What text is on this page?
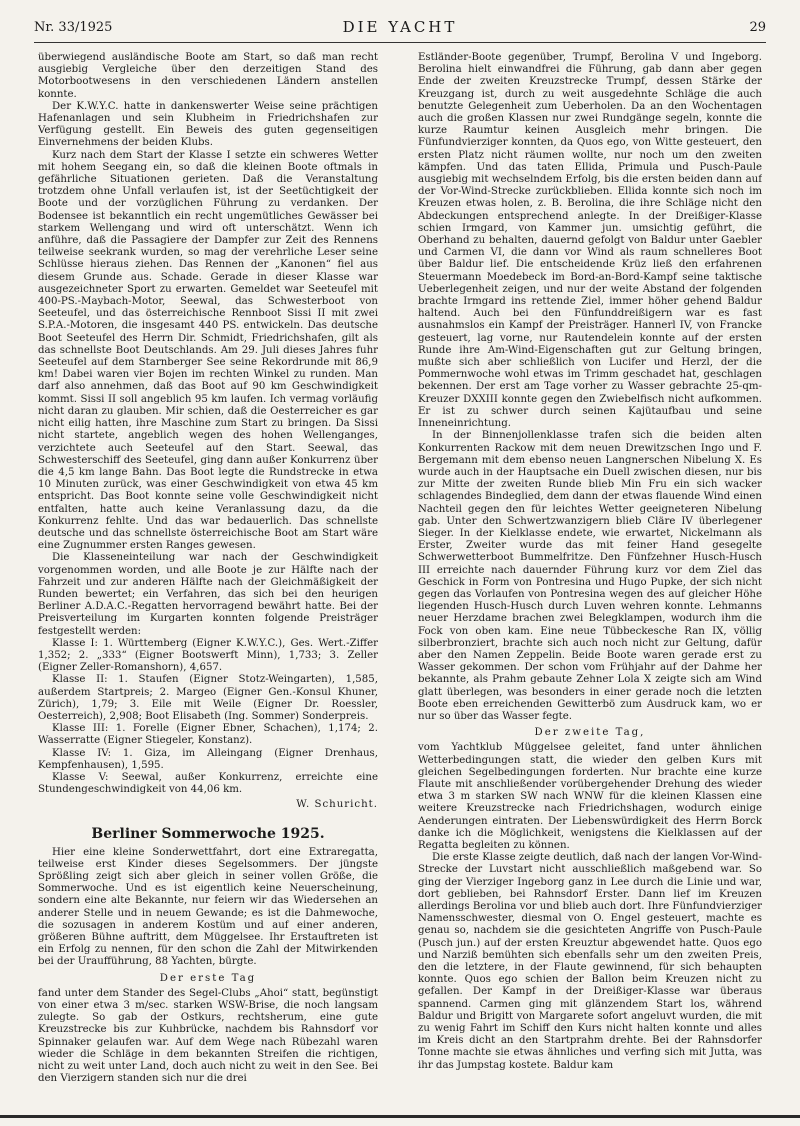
Nr. 33/1925	DIE YACHT	29

überwiegend ausländische Boote am Start, so daß man recht ausgiebig Vergleiche über den derzeitigen Stand des Motorbootwesens in den verschiedenen Ländern anstellen konnte.

Der K.W.Y.C. hatte in dankenswerter Weise seine prächtigen Hafenanlagen und sein Klubheim in Friedrichshafen zur Verfügung gestellt. Ein Beweis des guten gegenseitigen Einvernehmens der beiden Klubs.

Kurz nach dem Start der Klasse I setzte ein schweres Wetter mit hohem Seegang ein, so daß die kleinen Boote oftmals in gefährliche Situationen gerieten. Daß die Veranstaltung trotzdem ohne Unfall verlaufen ist, ist der Seetüchtigkeit der Boote und der vorzüglichen Führung zu verdanken. Der Bodensee ist bekanntlich ein recht ungemütliches Gewässer bei starkem Wellengang und wird oft unterschätzt. Wenn ich anführe, daß die Passagiere der Dampfer zur Zeit des Rennens teilweise seekrank wurden, so mag der verehrliche Leser seine Schlüsse hieraus ziehen. Das Rennen der „Kanonen“ fiel aus diesem Grunde aus. Schade. Gerade in dieser Klasse war ausgezeichneter Sport zu erwarten. Gemeldet war Seeteufel mit 400-PS.-Maybach-Motor, Seewal, das Schwesterboot von Seeteufel, und das österreichische Rennboot Sissi II mit zwei S.P.A.-Motoren, die insgesamt 440 PS. entwickeln. Das deutsche Boot Seeteufel des Herrn Dir. Schmidt, Friedrichshafen, gilt als das schnellste Boot Deutschlands. Am 29. Juli dieses Jahres fuhr Seeteufel auf dem Starnberger See seine Rekordrunde mit 86,9 km! Dabei waren vier Bojen im rechten Winkel zu runden. Man darf also annehmen, daß das Boot auf 90 km Geschwindigkeit kommt. Sissi II soll angeblich 95 km laufen. Ich vermag vorläufig nicht daran zu glauben. Mir schien, daß die Oesterreicher es gar nicht eilig hatten, ihre Maschine zum Start zu bringen. Da Sissi nicht startete, angeblich wegen des hohen Wellenganges, verzichtete auch Seeteufel auf den Start. Seewal, das Schwesterschiff des Seeteufel, ging dann außer Konkurrenz über die 4,5 km lange Bahn. Das Boot legte die Rundstrecke in etwa 10 Minuten zurück, was einer Geschwindigkeit von etwa 45 km entspricht. Das Boot konnte seine volle Geschwindigkeit nicht entfalten, hatte auch keine Veranlassung dazu, da die Konkurrenz fehlte. Und das war bedauerlich. Das schnellste deutsche und das schnellste österreichische Boot am Start wäre eine Zugnummer ersten Ranges gewesen.

Die Klasseneinteilung war nach der Geschwindigkeit vorgenommen worden, und alle Boote je zur Hälfte nach der Fahrzeit und zur anderen Hälfte nach der Gleichmäßigkeit der Runden bewertet; ein Verfahren, das sich bei den heurigen Berliner A.D.A.C.-Regatten hervorragend bewährt hatte. Bei der Preisverteilung im Kurgarten konnten folgende Preisträger festgestellt werden:

Klasse I: 1. Württemberg (Eigner K.W.Y.C.), Ges. Wert.-Ziffer 1,352; 2. „333“ (Eigner Bootswerft Minn), 1,733; 3. Zeller (Eigner Zeller-Romanshorn), 4,657.

Klasse II: 1. Staufen (Eigner Stotz-Weingarten), 1,585, außerdem Startpreis; 2. Margeo (Eigner Gen.-Konsul Khuner, Zürich), 1,79; 3. Eile mit Weile (Eigner Dr. Roessler, Oesterreich), 2,908; Boot Elisabeth (Ing. Sommer) Sonderpreis.

Klasse III: 1. Forelle (Eigner Ebner, Schachen), 1,174; 2. Wasserratte (Eigner Stiegeler, Konstanz).

Klasse IV: 1. Giza, im Alleingang (Eigner Drenhaus, Kempfenhausen), 1,595.

Klasse V: Seewal, außer Konkurrenz, erreichte eine Stundengeschwindigkeit von 44,06 km.

W. Schuricht.

Berliner Sommerwoche 1925.

Hier eine kleine Sonderwettfahrt, dort eine Extraregatta, teilweise erst Kinder dieses Segelsommers. Der jüngste Sprößling zeigt sich aber gleich in seiner vollen Größe, die Sommerwoche. Und es ist eigentlich keine Neuerscheinung, sondern eine alte Bekannte, nur feiern wir das Wiedersehen an anderer Stelle und in neuem Gewande; es ist die Dahmewoche, die sozusagen in anderem Kostüm und auf einer anderen, größeren Bühne auftritt, dem Müggelsee. Ihr Erstauftreten ist ein Erfolg zu nennen, für den schon die Zahl der Mitwirkenden bei der Uraufführung, 88 Yachten, bürgte.

Der erste Tag

fand unter dem Stander des Segel-Clubs „Ahoi“ statt, begünstigt von einer etwa 3 m/sec. starken WSW-Brise, die noch langsam zulegte. So gab der Ostkurs, rechtsherum, eine gute Kreuzstrecke bis zur Kuhbrücke, nachdem bis Rahnsdorf vor Spinnaker gelaufen war. Auf dem Wege nach Rübezahl waren wieder die Schläge in dem bekannten Streifen die richtigen, nicht zu weit unter Land, doch auch nicht zu weit in den See. Bei den Vierzigern standen sich nur die drei

Estländer-Boote gegenüber, Trumpf, Berolina V und Ingeborg. Berolina hielt einwandfrei die Führung, gab dann aber gegen Ende der zweiten Kreuzstrecke Trumpf, dessen Stärke der Kreuzgang ist, durch zu weit ausgedehnte Schläge die auch benutzte Gelegenheit zum Ueberholen. Da an den Wochentagen auch die großen Klassen nur zwei Rundgänge segeln, konnte die kurze Raumtur keinen Ausgleich mehr bringen. Die Fünfundvierziger konnten, da Quos ego, von Witte gesteuert, den ersten Platz nicht räumen wollte, nur noch um den zweiten kämpfen. Und das taten Ellida, Primula und Pusch-Paule ausgiebig mit wechselndem Erfolg, bis die ersten beiden dann auf der Vor-Wind-Strecke zurückblieben. Ellida konnte sich noch im Kreuzen etwas holen, z. B. Berolina, die ihre Schläge nicht den Abdeckungen entsprechend anlegte. In der Dreißiger-Klasse schien Irmgard, von Kammer jun. umsichtig geführt, die Oberhand zu behalten, dauernd gefolgt von Baldur unter Gaebler und Carmen VI, die dann vor Wind als raum schnelleres Boot über Baldur lief. Die entscheidende Krüz ließ den erfahrenen Steuermann Moedebeck im Bord-an-Bord-Kampf seine taktische Ueberlegenheit zeigen, und nur der weite Abstand der folgenden brachte Irmgard ins rettende Ziel, immer höher gehend Baldur haltend. Auch bei den Fünfunddreißigern war es fast ausnahmslos ein Kampf der Preisträger. Hannerl IV, von Francke gesteuert, lag vorne, nur Rautendelein konnte auf der ersten Runde ihre Am-Wind-Eigenschaften gut zur Geltung bringen, mußte sich aber schließlich von Lucifer und Herzl, der die Pommernwoche wohl etwas im Trimm geschadet hat, geschlagen bekennen. Der erst am Tage vorher zu Wasser gebrachte 25-qm-Kreuzer DXXIII konnte gegen den Zwiebelfisch nicht aufkommen. Er ist zu schwer durch seinen Kajütaufbau und seine Inneneinrichtung.

In der Binnenjollenklasse trafen sich die beiden alten Konkurrenten Rackow mit dem neuen Drewitzschen Ingo und F. Bergemann mit dem ebenso neuen Langnerschen Nibelung X. Es wurde auch in der Hauptsache ein Duell zwischen diesen, nur bis zur Mitte der zweiten Runde blieb Min Fru ein sich wacker schlagendes Bindeglied, dem dann der etwas flauende Wind einen Nachteil gegen den für leichtes Wetter geeigneteren Nibelung gab. Unter den Schwertzwanzigern blieb Cläre IV überlegener Sieger. In der Kielklasse endete, wie erwartet, Nickelmann als Erster, Zweiter wurde das mit feiner Hand gesegelte Schwerwetterboot Bummelfritze. Den Fünfzehner Husch-Husch III erreichte nach dauernder Führung kurz vor dem Ziel das Geschick in Form von Pontresina und Hugo Pupke, der sich nicht gegen das Vorlaufen von Pontresina wegen des auf gleicher Höhe liegenden Husch-Husch durch Luven wehren konnte. Lehmanns neuer Herzdame brachen zwei Belegklampen, wodurch ihm die Fock von oben kam. Eine neue Tübbeckesche Ran IX, völlig silberbronziert, brachte sich auch noch nicht zur Geltung, dafür aber den Namen Zeppelin. Beide Boote waren gerade erst zu Wasser gekommen. Der schon vom Frühjahr auf der Dahme her bekannte, als Prahm gebaute Zehner Lola X zeigte sich am Wind glatt überlegen, was besonders in einer gerade noch die letzten Boote eben erreichenden Gewitterbö zum Ausdruck kam, wo er nur so über das Wasser fegte.

Der zweite Tag,

vom Yachtklub Müggelsee geleitet, fand unter ähnlichen Wetterbedingungen statt, die wieder den gelben Kurs mit gleichen Segelbedingungen forderten. Nur brachte eine kurze Flaute mit anschließender vorübergehender Drehung des wieder etwa 3 m starken SW nach WNW für die kleinen Klassen eine weitere Kreuzstrecke nach Friedrichshagen, wodurch einige Aenderungen eintraten. Der Liebenswürdigkeit des Herrn Borck danke ich die Möglichkeit, wenigstens die Kielklassen auf der Regatta begleiten zu können.

Die erste Klasse zeigte deutlich, daß nach der langen Vor-Wind-Strecke der Luvstart nicht ausschließlich maßgebend war. So ging der Vierziger Ingeborg ganz in Lee durch die Linie und war, dort geblieben, bei Rahnsdorf Erster. Dann lief im Kreuzen allerdings Berolina vor und blieb auch dort. Ihre Fünfundvierziger Namensschwester, diesmal von O. Engel gesteuert, machte es genau so, nachdem sie die gesichteten Angriffe von Pusch-Paule (Pusch jun.) auf der ersten Kreuztur abgewendet hatte. Quos ego und Narziß bemühten sich ebenfalls sehr um den zweiten Preis, den die letztere, in der Flaute gewinnend, für sich behaupten konnte. Quos ego schien der Ballon beim Kreuzen nicht zu gefallen. Der Kampf in der Dreißiger-Klasse war überaus spannend. Carmen ging mit glänzendem Start los, während Baldur und Brigitt von Margarete sofort angeluvt wurden, die mit zu wenig Fahrt im Schiff den Kurs nicht halten konnte und alles im Kreis dicht an den Startprahm drehte. Bei der Rahnsdorfer Tonne machte sie etwas ähnliches und verfing sich mit Jutta, was ihr das Jumpstag kostete. Baldur kam
